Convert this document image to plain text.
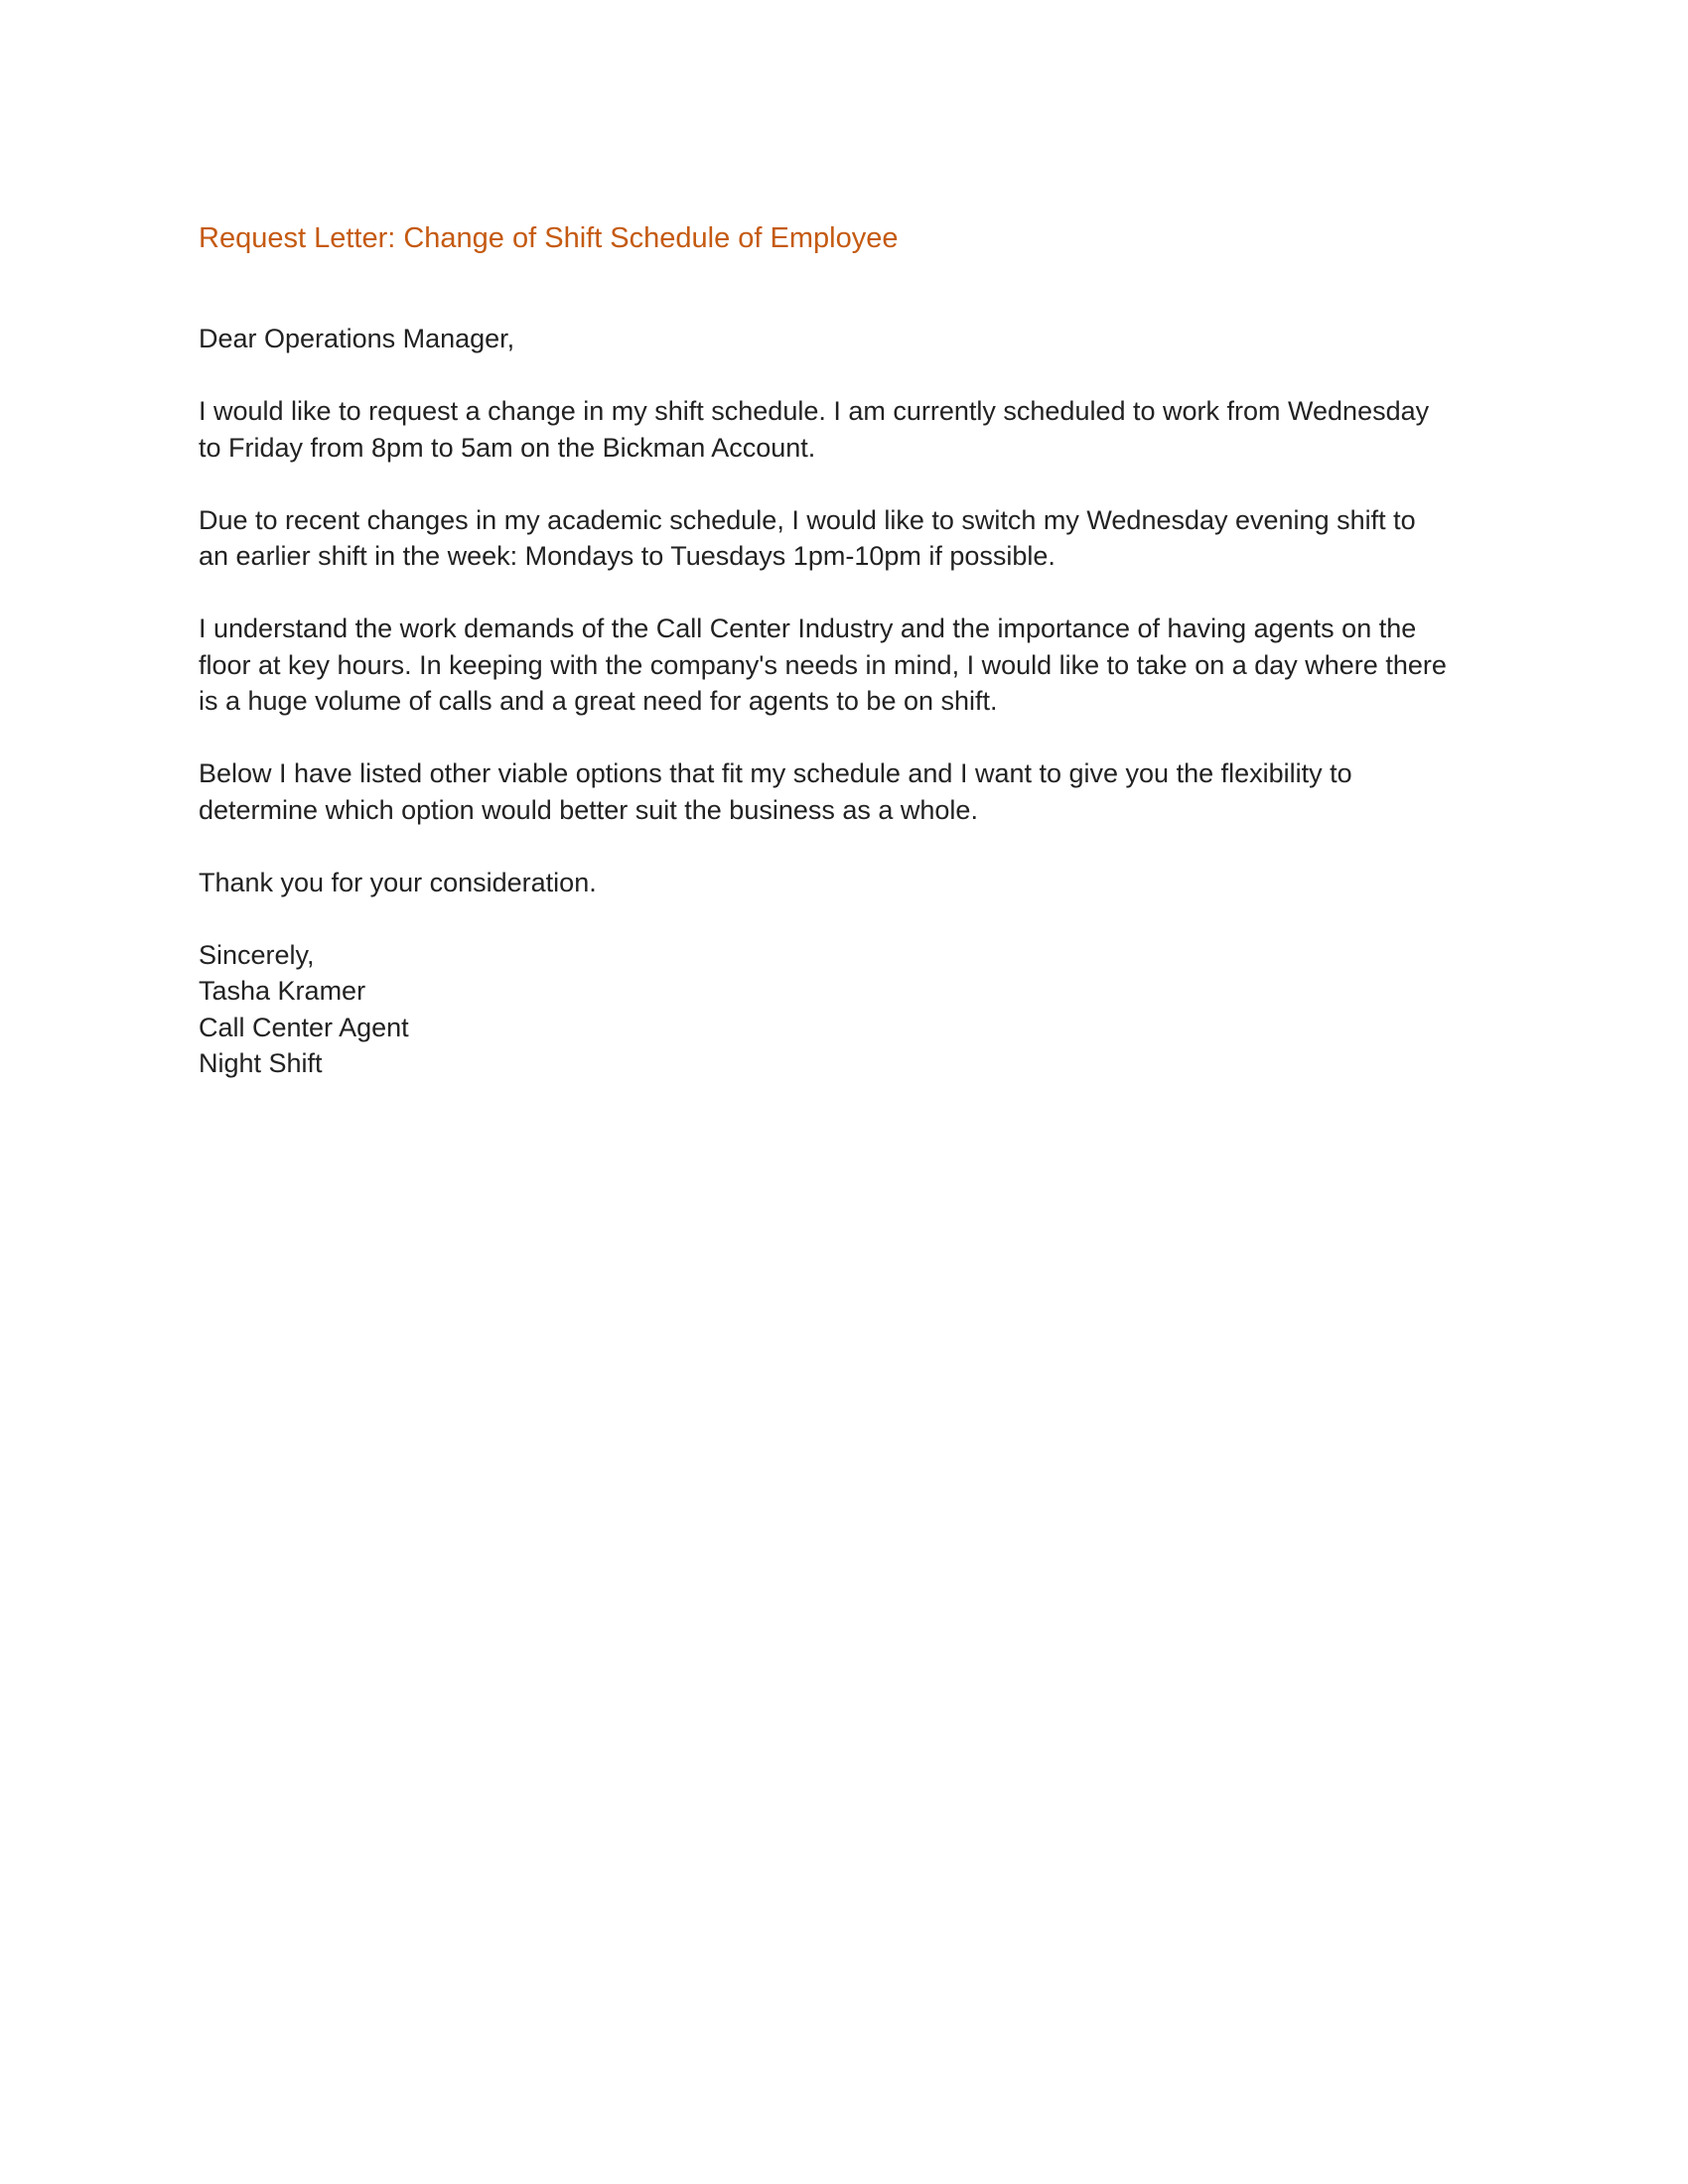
Request Letter: Change of Shift Schedule of Employee

Dear Operations Manager,

I would like to request a change in my shift schedule. I am currently scheduled to work from Wednesday
to Friday from 8pm to 5am on the Bickman Account.

Due to recent changes in my academic schedule, I would like to switch my Wednesday evening shift to
an earlier shift in the week: Mondays to Tuesdays 1pm-10pm if possible.

I understand the work demands of the Call Center Industry and the importance of having agents on the
floor at key hours. In keeping with the company's needs in mind, I would like to take on a day where there
is a huge volume of calls and a great need for agents to be on shift.

Below I have listed other viable options that fit my schedule and I want to give you the flexibility to
determine which option would better suit the business as a whole.

Thank you for your consideration.

Sincerely,
Tasha Kramer
Call Center Agent
Night Shift
